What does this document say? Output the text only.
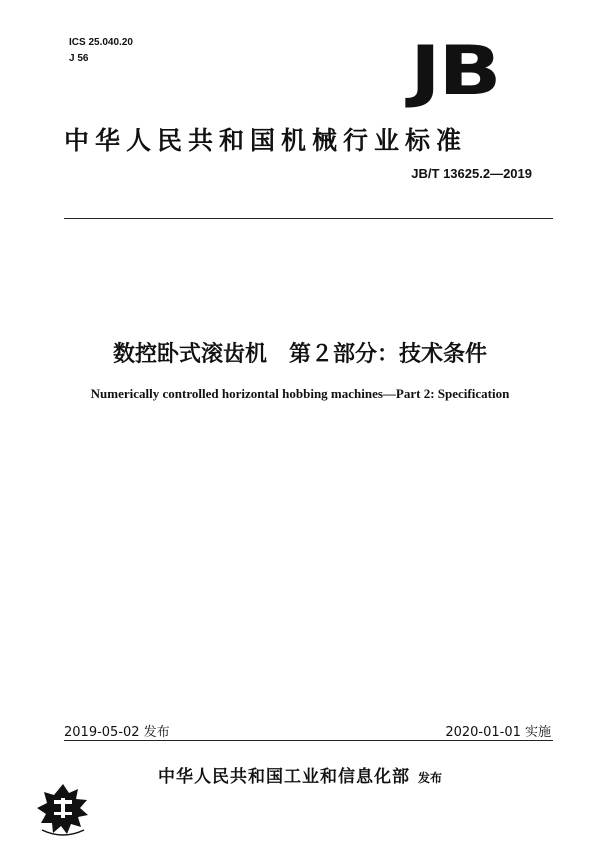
ICS 25.040.20
J 56	JB
中华人民共和国机械行业标准
JB/T 13625.2—2019
数控卧式滚齿机　第２部分：技术条件
Numerically controlled horizontal hobbing machines—Part 2: Specification
2019-05-02 发布	2020-01-01 实施
中华人民共和国工业和信息化部 发布
